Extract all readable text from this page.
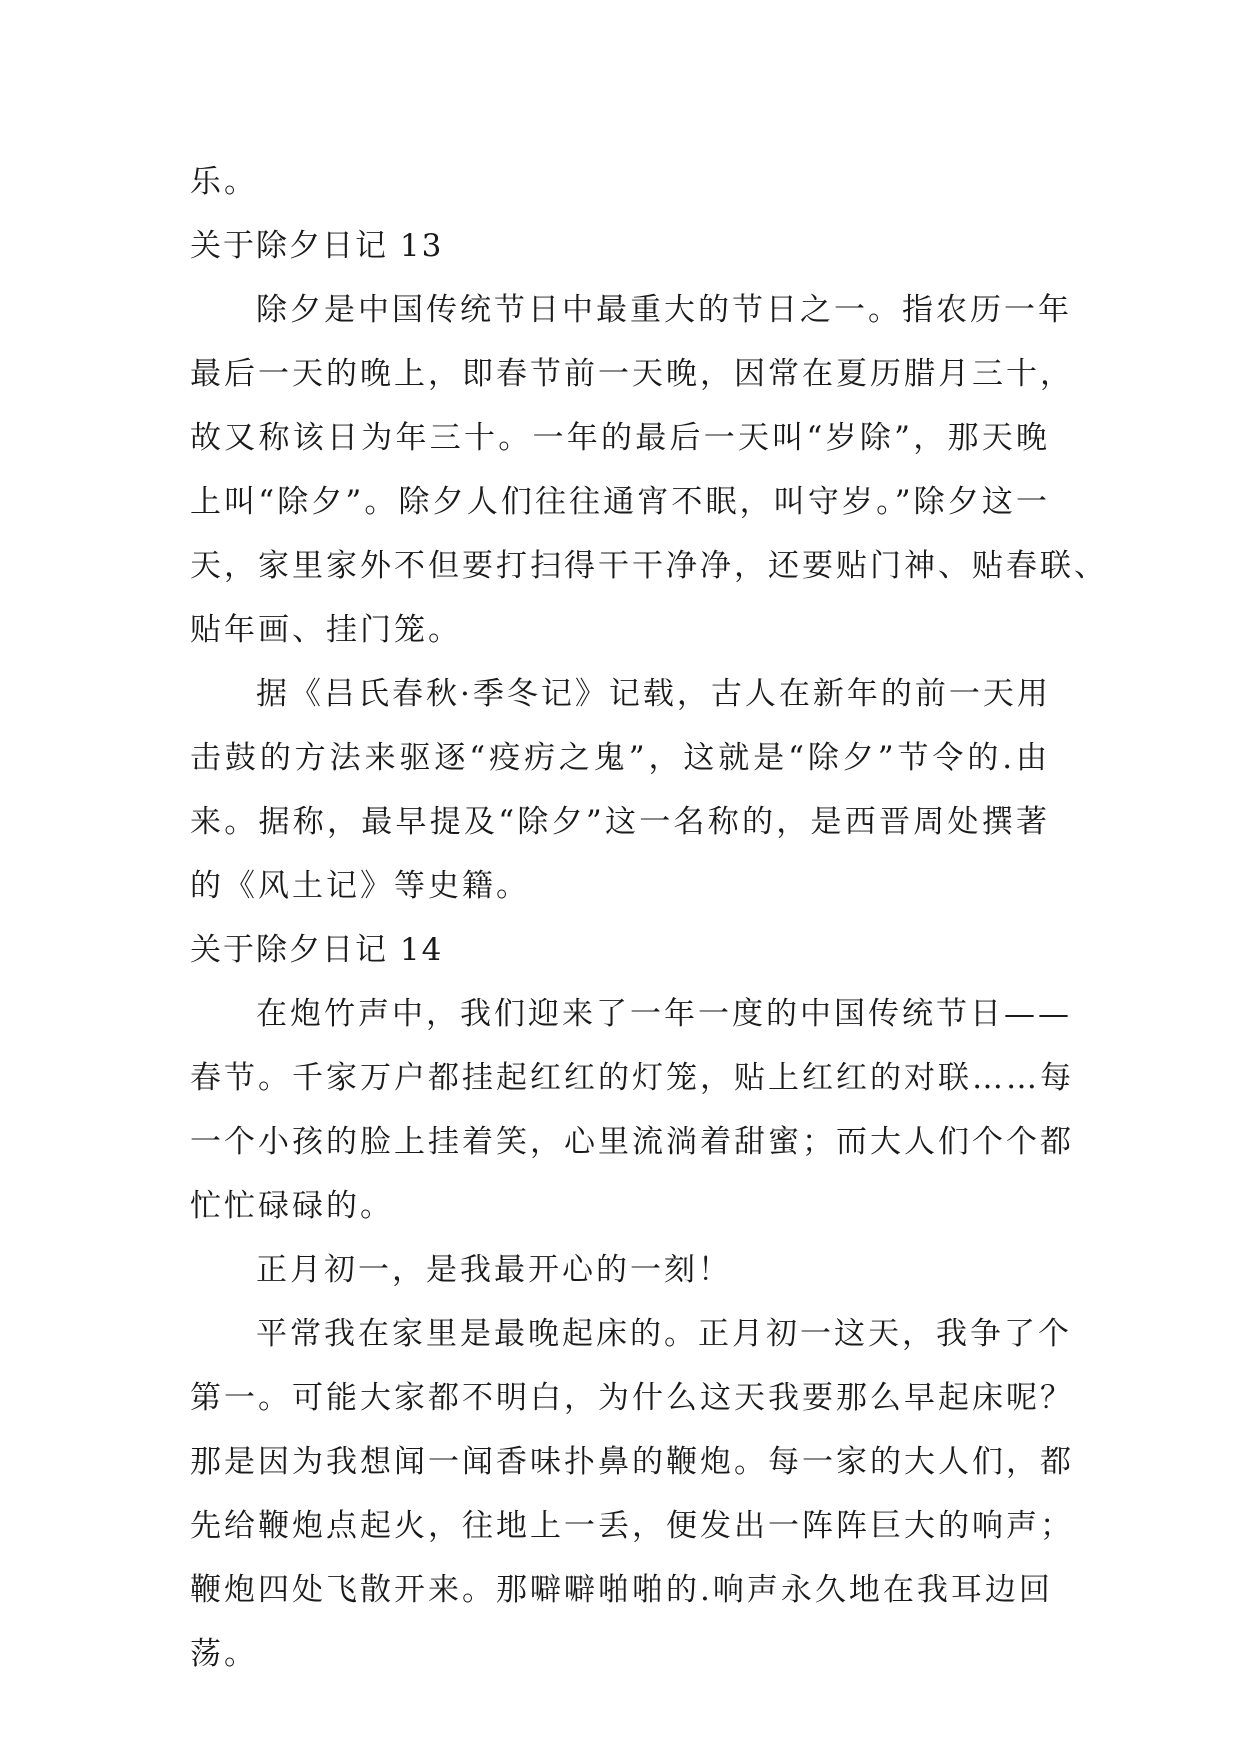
乐。
关于除夕日记 13
除夕是中国传统节日中最重大的节日之一。指农历一年
最后一天的晚上，即春节前一天晚，因常在夏历腊月三十，
故又称该日为年三十。一年的最后一天叫“岁除”，那天晚
上叫“除夕”。除夕人们往往通宵不眠，叫守岁。”除夕这一
天，家里家外不但要打扫得干干净净，还要贴门神、贴春联、
贴年画、挂门笼。
据《吕氏春秋·季冬记》记载，古人在新年的前一天用
击鼓的方法来驱逐“疫疠之鬼”，这就是“除夕”节令的.由
来。据称，最早提及“除夕”这一名称的，是西晋周处撰著
的《风土记》等史籍。
关于除夕日记 14
在炮竹声中，我们迎来了一年一度的中国传统节日——
春节。千家万户都挂起红红的灯笼，贴上红红的对联……每
一个小孩的脸上挂着笑，心里流淌着甜蜜；而大人们个个都
忙忙碌碌的。
正月初一，是我最开心的一刻！
平常我在家里是最晚起床的。正月初一这天，我争了个
第一。可能大家都不明白，为什么这天我要那么早起床呢？
那是因为我想闻一闻香味扑鼻的鞭炮。每一家的大人们，都
先给鞭炮点起火，往地上一丢，便发出一阵阵巨大的响声；
鞭炮四处飞散开来。那噼噼啪啪的.响声永久地在我耳边回
荡。
